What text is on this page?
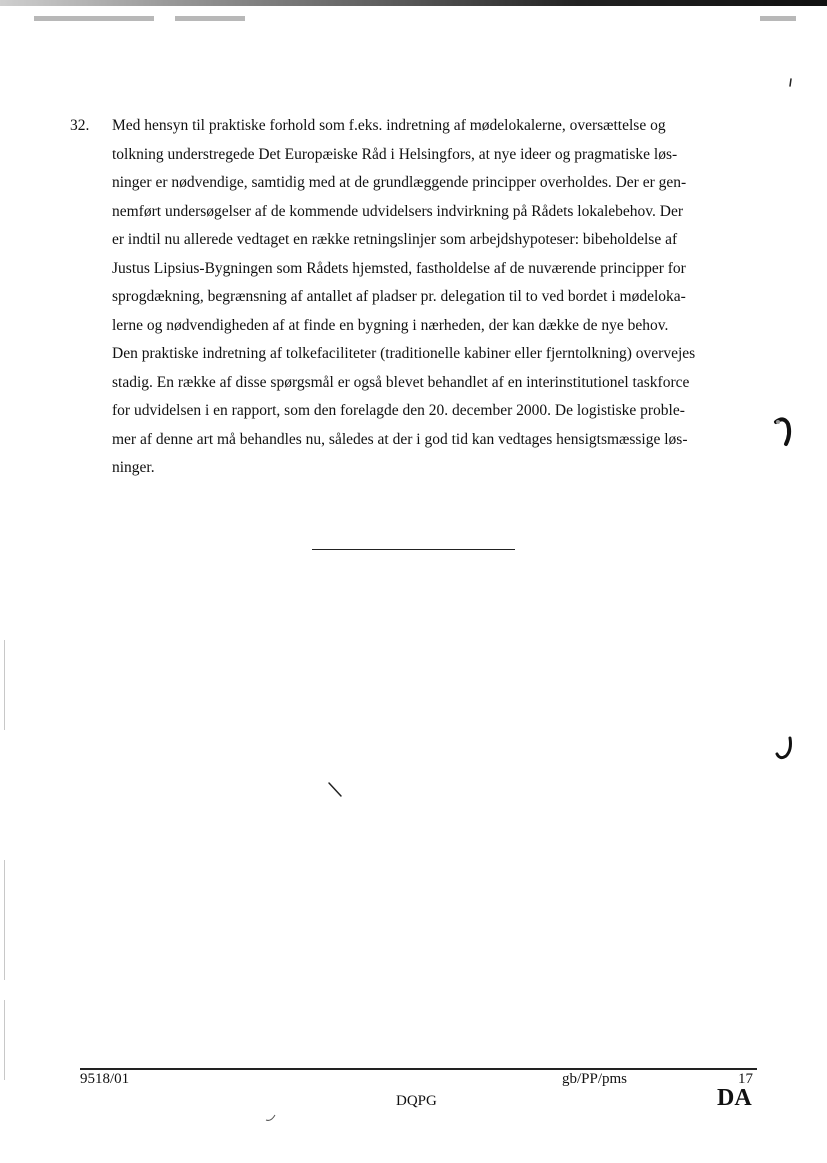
32.	Med hensyn til praktiske forhold som f.eks. indretning af mødelokalerne, oversættelse og
tolkning understregede Det Europæiske Råd i Helsingfors, at nye ideer og pragmatiske løs-
ninger er nødvendige, samtidig med at de grundlæggende principper overholdes. Der er gen-
nemført undersøgelser af de kommende udvidelsers indvirkning på Rådets lokalebehov. Der
er indtil nu allerede vedtaget en række retningslinjer som arbejdshypoteser: bibeholdelse af
Justus Lipsius-Bygningen som Rådets hjemsted, fastholdelse af de nuværende principper for
sprogdækning, begrænsning af antallet af pladser pr. delegation til to ved bordet i mødeloka-
lerne og nødvendigheden af at finde en bygning i nærheden, der kan dække de nye behov.
Den praktiske indretning af tolkefaciliteter (traditionelle kabiner eller fjerntolkning) overvejes
stadig. En række af disse spørgsmål er også blevet behandlet af en interinstitutionel taskforce
for udvidelsen i en rapport, som den forelagde den 20. december 2000. De logistiske proble-
mer af denne art må behandles nu, således at der i god tid kan vedtages hensigtsmæssige løs-
ninger.
9518/01	gb/PP/pms	17
DQPG	DA
